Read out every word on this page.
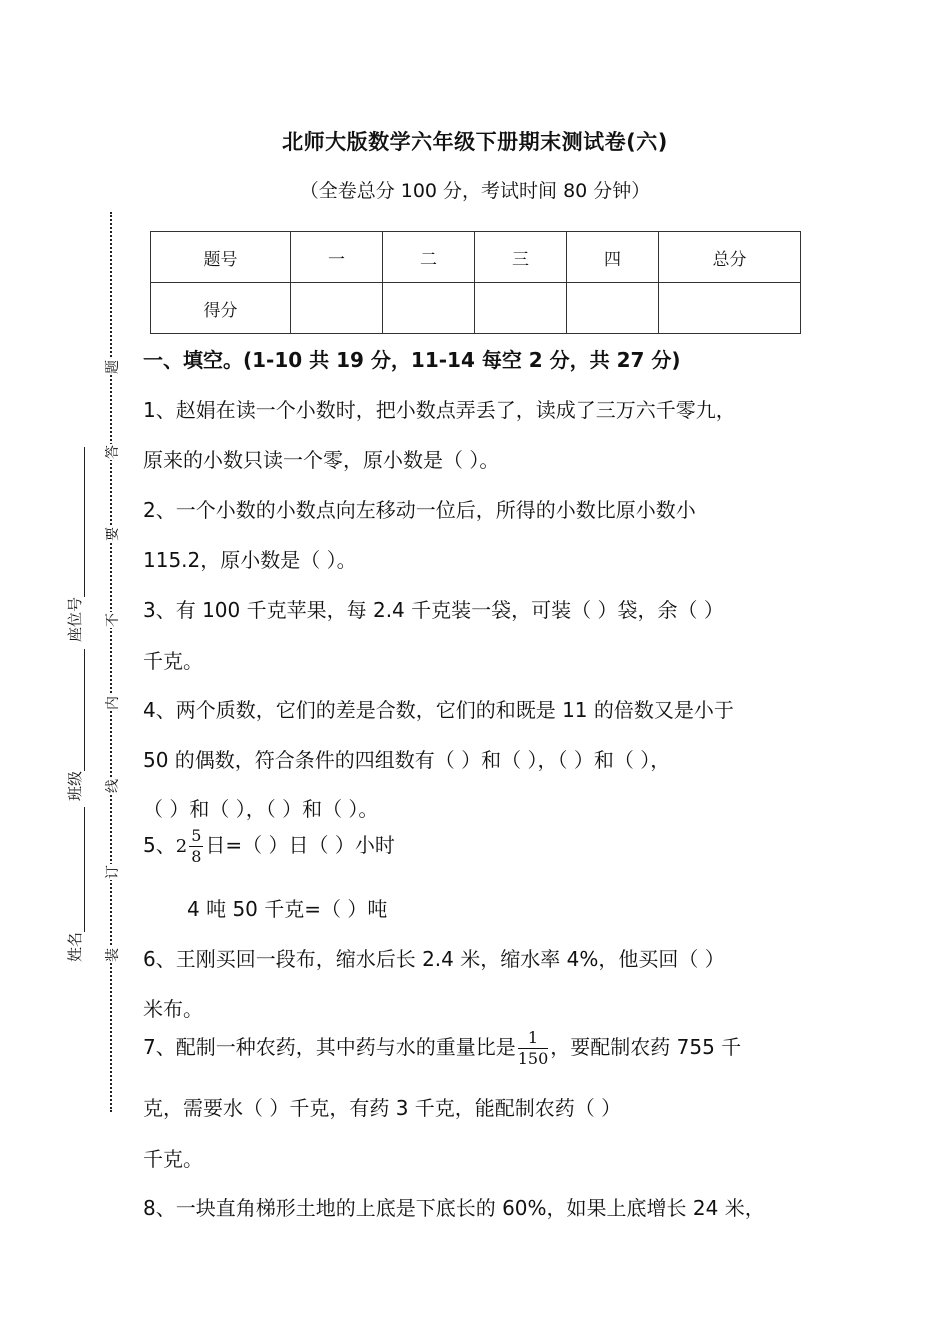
北师大版数学六年级下册期末测试卷(六)
（全卷总分 100 分，考试时间 80 分钟）
题号	一	二	三	四	总分
得分					
题
答
要
不
内
线
订
装
座位号
班级
姓名
一、填空。(1-10 共 19 分，11-14 每空 2 分，共 27 分)
1、赵娟在读一个小数时，把小数点弄丢了，读成了三万六千零九，
原来的小数只读一个零，原小数是（ ）。
2、一个小数的小数点向左移动一位后，所得的小数比原小数小
115.2，原小数是（ ）。
3、有 100 千克苹果，每 2.4 千克装一袋，可装（ ）袋，余（ ）
千克。
4、两个质数，它们的差是合数，它们的和既是 11 的倍数又是小于
50 的偶数，符合条件的四组数有（ ）和（ ），（ ）和（ ），
（ ）和（ ），（ ）和（ ）。
5、$2 \frac{5}{8}$ 日=（ ）日（ ）小时
4 吨 50 千克=（ ）吨
6、王刚买回一段布，缩水后长 2.4 米，缩水率 4%，他买回（ ）
米布。
7、配制一种农药，其中药与水的重量比是 $\frac{1}{150}$ ，要配制农药 755 千
克，需要水（ ）千克，有药 3 千克，能配制农药（ ）
千克。
8、一块直角梯形土地的上底是下底长的 60%，如果上底增长 24 米，
